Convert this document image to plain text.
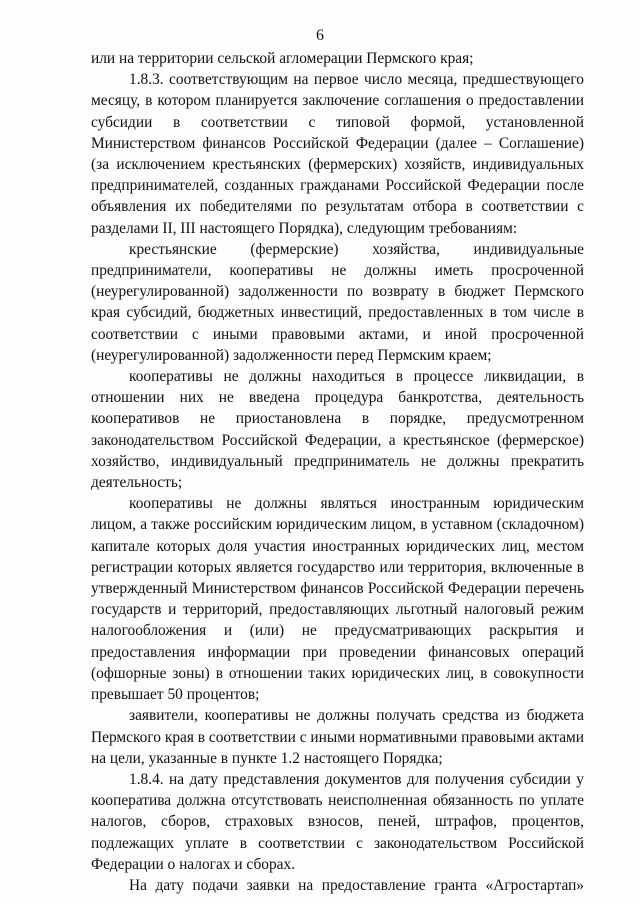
6

или на территории сельской агломерации Пермского края;

1.8.3. соответствующим на первое число месяца, предшествующего месяцу, в котором планируется заключение соглашения о предоставлении субсидии в соответствии с типовой формой, установленной Министерством финансов Российской Федерации (далее – Соглашение) (за исключением крестьянских (фермерских) хозяйств, индивидуальных предпринимателей, созданных гражданами Российской Федерации после объявления их победителями по результатам отбора в соответствии с разделами II, III настоящего Порядка), следующим требованиям:

крестьянские (фермерские) хозяйства, индивидуальные предприниматели, кооперативы не должны иметь просроченной (неурегулированной) задолженности по возврату в бюджет Пермского края субсидий, бюджетных инвестиций, предоставленных в том числе в соответствии с иными правовыми актами, и иной просроченной (неурегулированной) задолженности перед Пермским краем;

кооперативы не должны находиться в процессе ликвидации, в отношении них не введена процедура банкротства, деятельность кооперативов не приостановлена в порядке, предусмотренном законодательством Российской Федерации, а крестьянское (фермерское) хозяйство, индивидуальный предприниматель не должны прекратить деятельность;

кооперативы не должны являться иностранным юридическим лицом, а также российским юридическим лицом, в уставном (складочном) капитале которых доля участия иностранных юридических лиц, местом регистрации которых является государство или территория, включенные в утвержденный Министерством финансов Российской Федерации перечень государств и территорий, предоставляющих льготный налоговый режим налогообложения и (или) не предусматривающих раскрытия и предоставления информации при проведении финансовых операций (офшорные зоны) в отношении таких юридических лиц, в совокупности превышает 50 процентов;

заявители, кооперативы не должны получать средства из бюджета Пермского края в соответствии с иными нормативными правовыми актами на цели, указанные в пункте 1.2 настоящего Порядка;

1.8.4. на дату представления документов для получения субсидии у кооператива должна отсутствовать неисполненная обязанность по уплате налогов, сборов, страховых взносов, пеней, штрафов, процентов, подлежащих уплате в соответствии с законодательством Российской Федерации о налогах и сборах.

На дату подачи заявки на предоставление гранта «Агростартап»
